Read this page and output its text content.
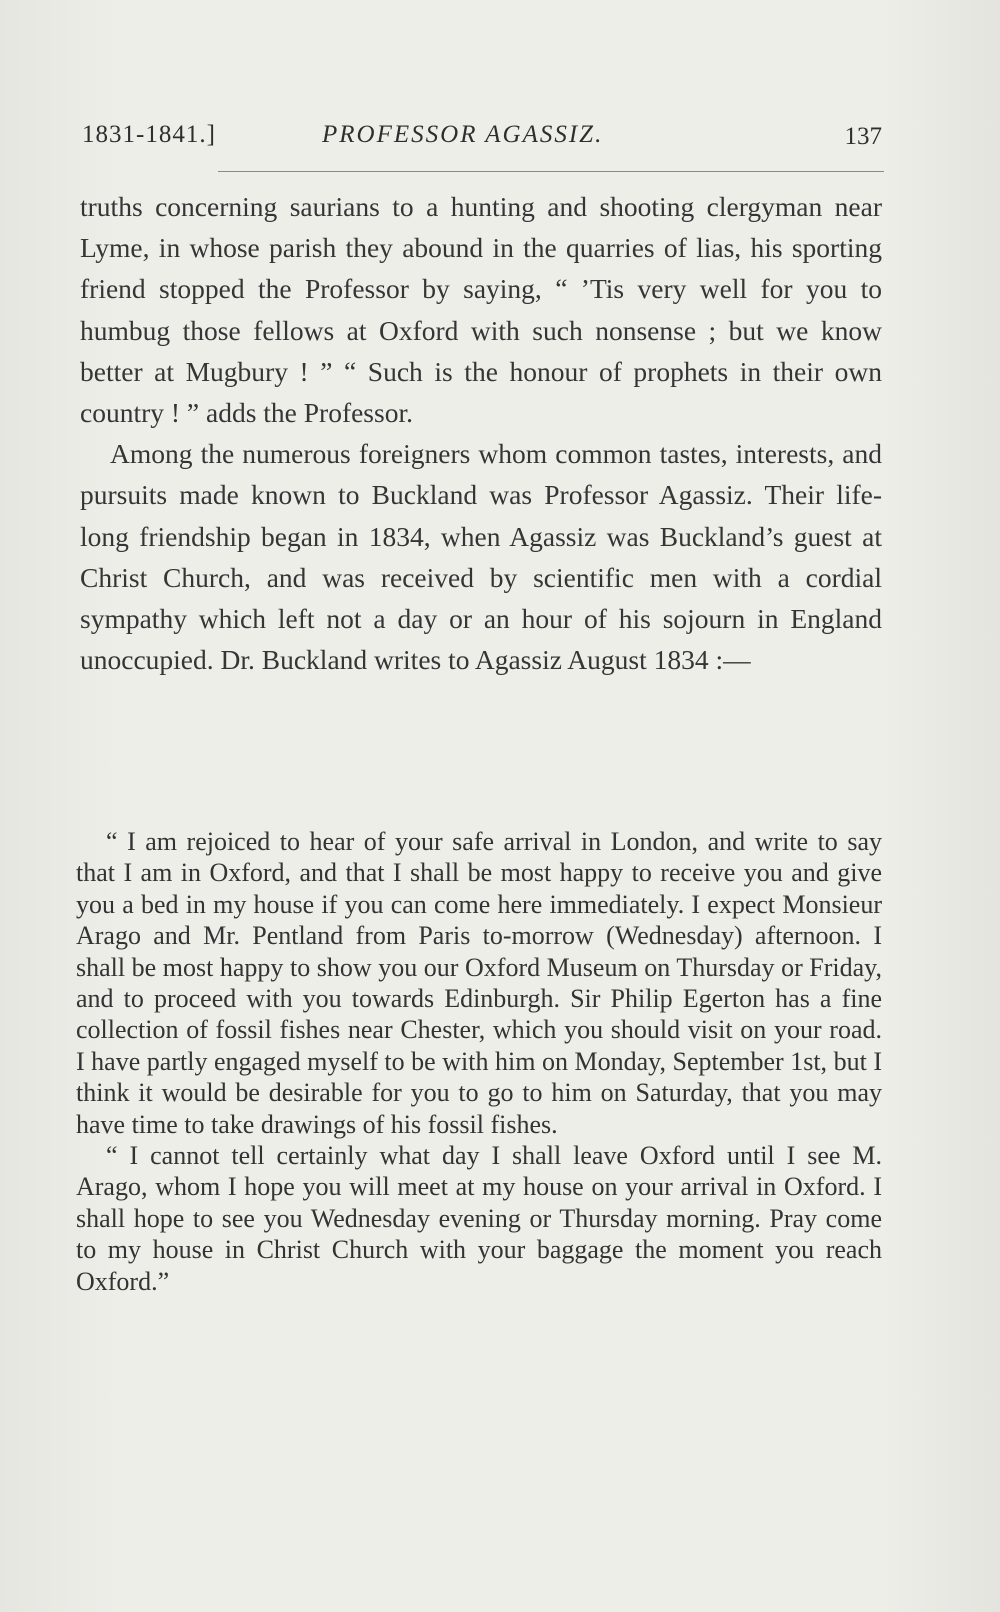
1831-1841.]	PROFESSOR AGASSIZ.	137

truths concerning saurians to a hunting and shooting clergyman near Lyme, in whose parish they abound in the quarries of lias, his sporting friend stopped the Professor by saying, “ ’Tis very well for you to humbug those fellows at Oxford with such nonsense ; but we know better at Mugbury ! ” “ Such is the honour of prophets in their own country ! ” adds the Professor.

Among the numerous foreigners whom common tastes, interests, and pursuits made known to Buckland was Professor Agassiz. Their life-long friendship began in 1834, when Agassiz was Buckland’s guest at Christ Church, and was received by scientific men with a cordial sympathy which left not a day or an hour of his sojourn in England unoccupied. Dr. Buckland writes to Agassiz August 1834 :—

“ I am rejoiced to hear of your safe arrival in London, and write to say that I am in Oxford, and that I shall be most happy to receive you and give you a bed in my house if you can come here immediately. I expect Monsieur Arago and Mr. Pentland from Paris to-morrow (Wednesday) afternoon. I shall be most happy to show you our Oxford Museum on Thursday or Friday, and to proceed with you towards Edinburgh. Sir Philip Egerton has a fine collection of fossil fishes near Chester, which you should visit on your road. I have partly engaged myself to be with him on Monday, September 1st, but I think it would be desirable for you to go to him on Saturday, that you may have time to take drawings of his fossil fishes.

“ I cannot tell certainly what day I shall leave Oxford until I see M. Arago, whom I hope you will meet at my house on your arrival in Oxford. I shall hope to see you Wednesday evening or Thursday morning. Pray come to my house in Christ Church with your baggage the moment you reach Oxford.”
